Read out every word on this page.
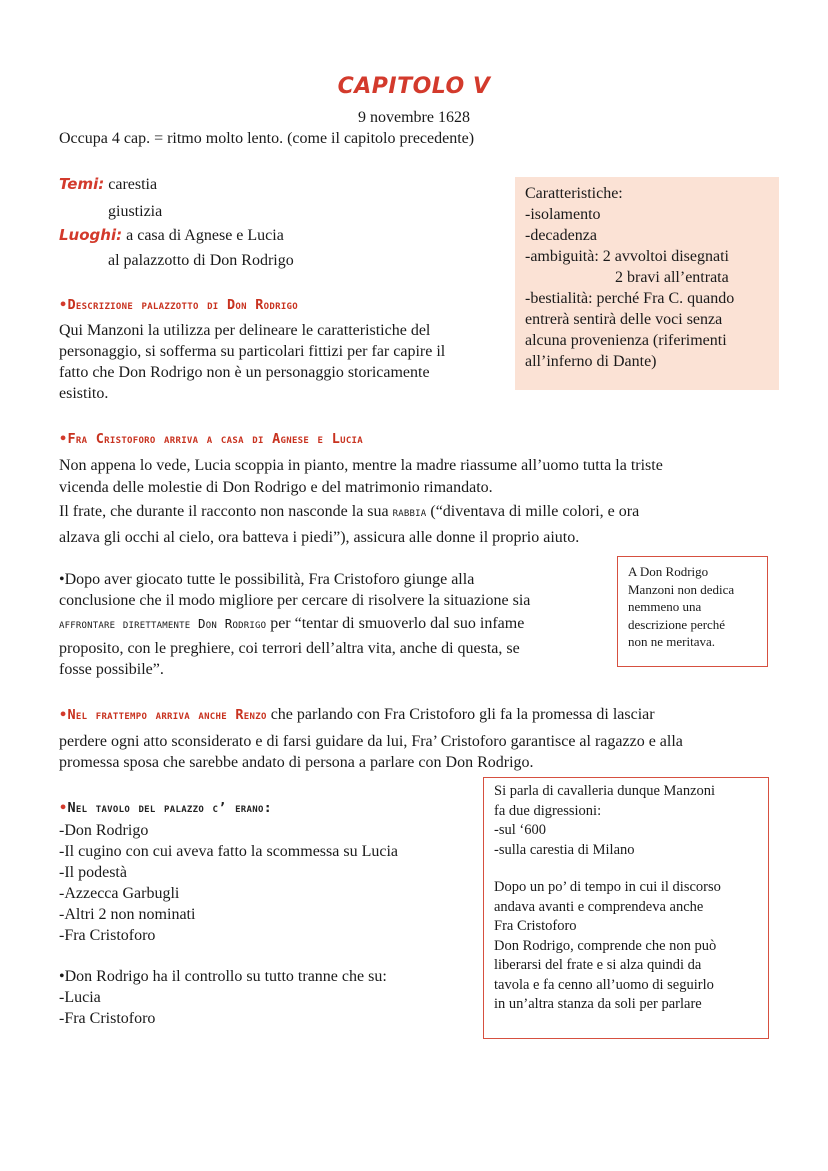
CAPITOLO V
9 novembre 1628
Occupa 4 cap. = ritmo molto lento. (come il capitolo precedente)
Temi: carestia
giustizia
Luoghi: a casa di Agnese e Lucia
al palazzotto di Don Rodrigo
Caratteristiche:
-isolamento
-decadenza
-ambiguità: 2 avvoltoi disegnati
2 bravi all’entrata
-bestialità: perché Fra C. quando
entrerà sentirà delle voci senza
alcuna provenienza (riferimenti
all’inferno di Dante)
•Descrizione palazzotto di Don Rodrigo
Qui Manzoni la utilizza per delineare le caratteristiche del
personaggio, si sofferma su particolari fittizi per far capire il
fatto che Don Rodrigo non è un personaggio storicamente
esistito.
•Fra Cristoforo arriva a casa di Agnese e Lucia
Non appena lo vede, Lucia scoppia in pianto, mentre la madre riassume all’uomo tutta la triste
vicenda delle molestie di Don Rodrigo e del matrimonio rimandato.
Il frate, che durante il racconto non nasconde la sua rabbia (“diventava di mille colori, e ora
alzava gli occhi al cielo, ora batteva i piedi”), assicura alle donne il proprio aiuto.
•Dopo aver giocato tutte le possibilità, Fra Cristoforo giunge alla
conclusione che il modo migliore per cercare di risolvere la situazione sia
affrontare direttamente Don Rodrigo per “tentar di smuoverlo dal suo infame
proposito, con le preghiere, coi terrori dell’altra vita, anche di questa, se
fosse possibile”.
A Don Rodrigo
Manzoni non dedica
nemmeno una
descrizione perché
non ne meritava.
•Nel frattempo arriva anche Renzo che parlando con Fra Cristoforo gli fa la promessa di lasciar
perdere ogni atto sconsiderato e di farsi guidare da lui, Fra’ Cristoforo garantisce al ragazzo e alla
promessa sposa che sarebbe andato di persona a parlare con Don Rodrigo.
•Nel tavolo del palazzo c’ erano:
-Don Rodrigo
-Il cugino con cui aveva fatto la scommessa su Lucia
-Il podestà
-Azzecca Garbugli
-Altri 2 non nominati
-Fra Cristoforo
•Don Rodrigo ha il controllo su tutto tranne che su:
-Lucia
-Fra Cristoforo
Si parla di cavalleria dunque Manzoni
fa due digressioni:
-sul ‘600
-sulla carestia di Milano
Dopo un po’ di tempo in cui il discorso
andava avanti e comprendeva anche
Fra Cristoforo
Don Rodrigo, comprende che non può
liberarsi del frate e si alza quindi da
tavola e fa cenno all’uomo di seguirlo
in un’altra stanza da soli per parlare
